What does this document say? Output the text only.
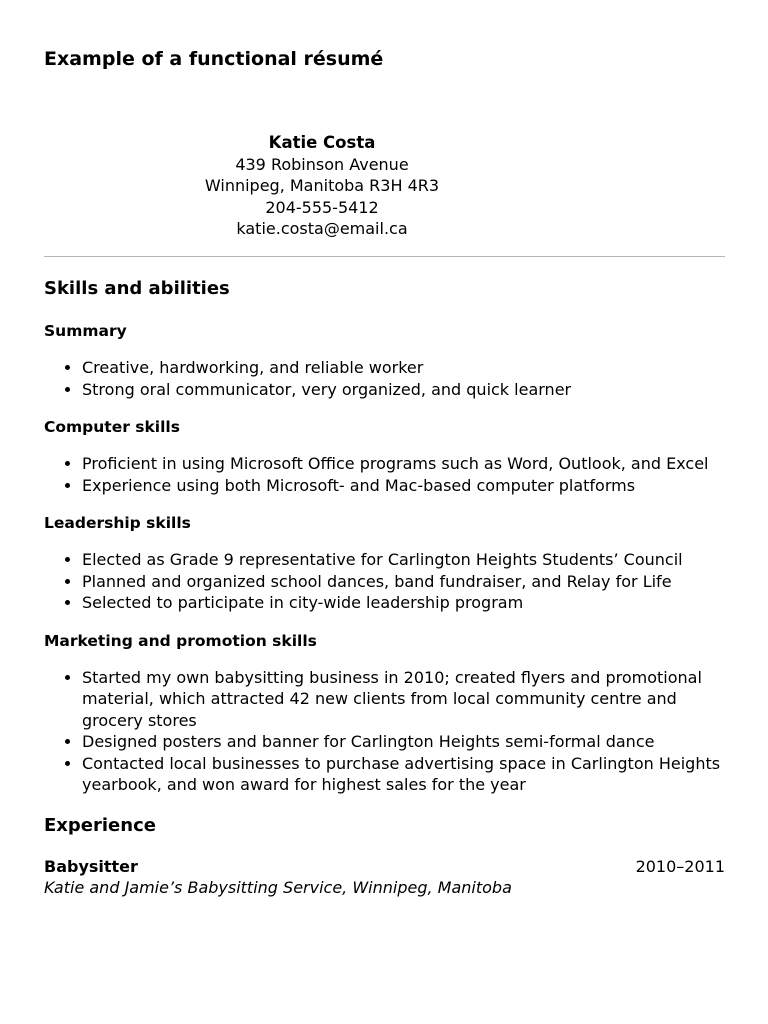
Example of a functional résumé
Katie Costa
439 Robinson Avenue
Winnipeg, Manitoba R3H 4R3
204-555-5412
katie.costa@email.ca
Skills and abilities
Summary
• Creative, hardworking, and reliable worker
• Strong oral communicator, very organized, and quick learner
Computer skills
• Proficient in using Microsoft Office programs such as Word, Outlook, and Excel
• Experience using both Microsoft- and Mac-based computer platforms
Leadership skills
• Elected as Grade 9 representative for Carlington Heights Students’ Council
• Planned and organized school dances, band fundraiser, and Relay for Life
• Selected to participate in city-wide leadership program
Marketing and promotion skills
• Started my own babysitting business in 2010; created flyers and promotional material, which attracted 42 new clients from local community centre and grocery stores
• Designed posters and banner for Carlington Heights semi-formal dance
• Contacted local businesses to purchase advertising space in Carlington Heights yearbook, and won award for highest sales for the year
Experience
Babysitter	2010–2011
Katie and Jamie’s Babysitting Service, Winnipeg, Manitoba
